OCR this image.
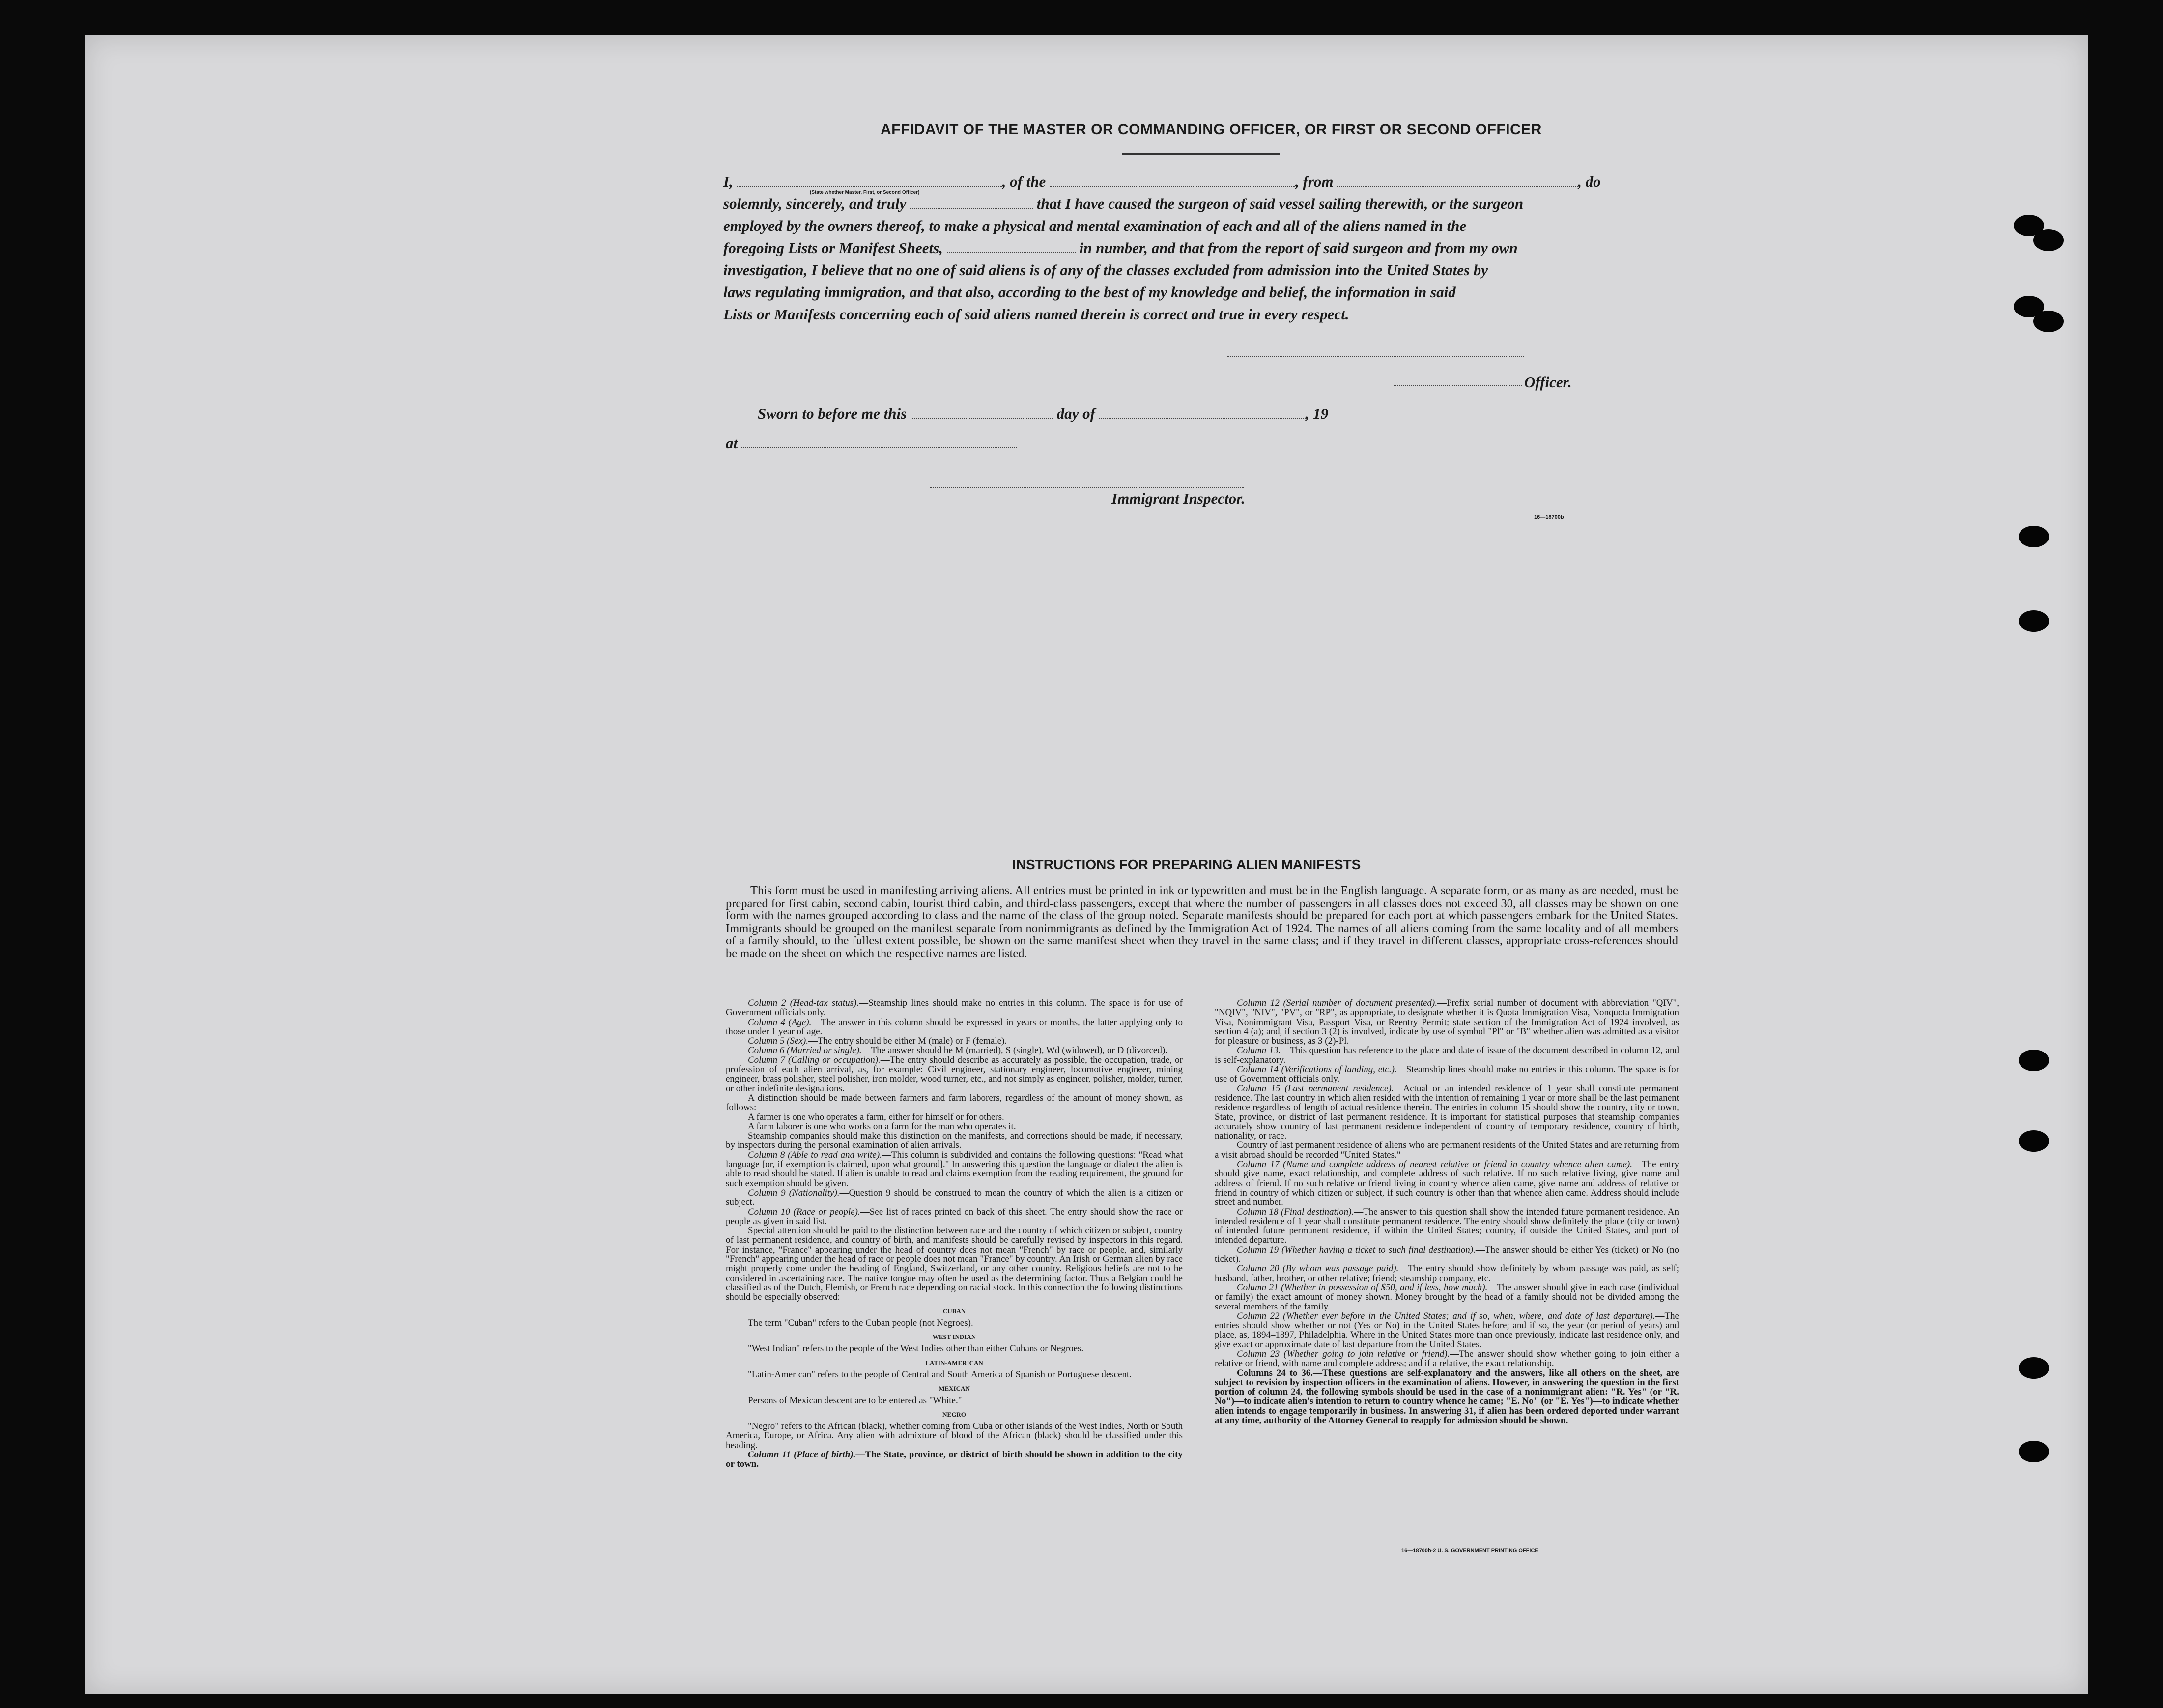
AFFIDAVIT OF THE MASTER OR COMMANDING OFFICER, OR FIRST OR SECOND OFFICER
I,	, of the	, from	, do
(State whether Master, First, or Second Officer)
solemnly, sincerely, and truly	that I have caused the surgeon of said vessel sailing therewith, or the surgeon
employed by the owners thereof, to make a physical and mental examination of each and all of the aliens named in the
foregoing Lists or Manifest Sheets,	in number, and that from the report of said surgeon and from my own
investigation, I believe that no one of said aliens is of any of the classes excluded from admission into the United States by
laws regulating immigration, and that also, according to the best of my knowledge and belief, the information in said
Lists or Manifests concerning each of said aliens named therein is correct and true in every respect.
Officer.
Sworn to before me this	day of	, 19
at
Immigrant Inspector.
16—18700b
INSTRUCTIONS FOR PREPARING ALIEN MANIFESTS
This form must be used in manifesting arriving aliens. All entries must be printed in ink or typewritten and must be in the English language. A separate form, or as many as are needed, must be prepared for first cabin, second cabin, tourist third cabin, and third-class passengers, except that where the number of passengers in all classes does not exceed 30, all classes may be shown on one form with the names grouped according to class and the name of the class of the group noted. Separate manifests should be prepared for each port at which passengers embark for the United States. Immigrants should be grouped on the manifest separate from nonimmigrants as defined by the Immigration Act of 1924. The names of all aliens coming from the same locality and of all members of a family should, to the fullest extent possible, be shown on the same manifest sheet when they travel in the same class; and if they travel in different classes, appropriate cross-references should be made on the sheet on which the respective names are listed.

Column 2 (Head-tax status).—Steamship lines should make no entries in this column. The space is for use of Government officials only.

Column 4 (Age).—The answer in this column should be expressed in years or months, the latter applying only to those under 1 year of age.

Column 5 (Sex).—The entry should be either M (male) or F (female).

Column 6 (Married or single).—The answer should be M (married), S (single), Wd (widowed), or D (divorced).

Column 7 (Calling or occupation).—The entry should describe as accurately as possible, the occupation, trade, or profession of each alien arrival, as, for example: Civil engineer, stationary engineer, locomotive engineer, mining engineer, brass polisher, steel polisher, iron molder, wood turner, etc., and not simply as engineer, polisher, molder, turner, or other indefinite designations.

A distinction should be made between farmers and farm laborers, regardless of the amount of money shown, as follows:

A farmer is one who operates a farm, either for himself or for others.

A farm laborer is one who works on a farm for the man who operates it.

Steamship companies should make this distinction on the manifests, and corrections should be made, if necessary, by inspectors during the personal examination of alien arrivals.

Column 8 (Able to read and write).—This column is subdivided and contains the following questions: "Read what language [or, if exemption is claimed, upon what ground]." In answering this question the language or dialect the alien is able to read should be stated. If alien is unable to read and claims exemption from the reading requirement, the ground for such exemption should be given.

Column 9 (Nationality).—Question 9 should be construed to mean the country of which the alien is a citizen or subject.

Column 10 (Race or people).—See list of races printed on back of this sheet. The entry should show the race or people as given in said list.

Special attention should be paid to the distinction between race and the country of which citizen or subject, country of last permanent residence, and country of birth, and manifests should be carefully revised by inspectors in this regard. For instance, "France" appearing under the head of country does not mean "French" by race or people, and, similarly "French" appearing under the head of race or people does not mean "France" by country. An Irish or German alien by race might properly come under the heading of England, Switzerland, or any other country. Religious beliefs are not to be considered in ascertaining race. The native tongue may often be used as the determining factor. Thus a Belgian could be classified as of the Dutch, Flemish, or French race depending on racial stock. In this connection the following distinctions should be especially observed:

CUBAN

The term "Cuban" refers to the Cuban people (not Negroes).

WEST INDIAN

"West Indian" refers to the people of the West Indies other than either Cubans or Negroes.

LATIN-AMERICAN

"Latin-American" refers to the people of Central and South America of Spanish or Portuguese descent.

MEXICAN

Persons of Mexican descent are to be entered as "White."

NEGRO

"Negro" refers to the African (black), whether coming from Cuba or other islands of the West Indies, North or South America, Europe, or Africa. Any alien with admixture of blood of the African (black) should be classified under this heading.

Column 11 (Place of birth).—The State, province, or district of birth should be shown in addition to the city or town.

Column 12 (Serial number of document presented).—Prefix serial number of document with abbreviation "QIV", "NQIV", "NIV", "PV", or "RP", as appropriate, to designate whether it is Quota Immigration Visa, Nonquota Immigration Visa, Nonimmigrant Visa, Passport Visa, or Reentry Permit; state section of the Immigration Act of 1924 involved, as section 4 (a); and, if section 3 (2) is involved, indicate by use of symbol "Pl" or "B" whether alien was admitted as a visitor for pleasure or business, as 3 (2)-Pl.

Column 13.—This question has reference to the place and date of issue of the document described in column 12, and is self-explanatory.

Column 14 (Verifications of landing, etc.).—Steamship lines should make no entries in this column. The space is for use of Government officials only.

Column 15 (Last permanent residence).—Actual or an intended residence of 1 year shall constitute permanent residence. The last country in which alien resided with the intention of remaining 1 year or more shall be the last permanent residence regardless of length of actual residence therein. The entries in column 15 should show the country, city or town, State, province, or district of last permanent residence. It is important for statistical purposes that steamship companies accurately show country of last permanent residence independent of country of temporary residence, country of birth, nationality, or race.

Country of last permanent residence of aliens who are permanent residents of the United States and are returning from a visit abroad should be recorded "United States."

Column 17 (Name and complete address of nearest relative or friend in country whence alien came).—The entry should give name, exact relationship, and complete address of such relative. If no such relative living, give name and address of friend. If no such relative or friend living in country whence alien came, give name and address of relative or friend in country of which citizen or subject, if such country is other than that whence alien came. Address should include street and number.

Column 18 (Final destination).—The answer to this question shall show the intended future permanent residence. An intended residence of 1 year shall constitute permanent residence. The entry should show definitely the place (city or town) of intended future permanent residence, if within the United States; country, if outside the United States, and port of intended departure.

Column 19 (Whether having a ticket to such final destination).—The answer should be either Yes (ticket) or No (no ticket).

Column 20 (By whom was passage paid).—The entry should show definitely by whom passage was paid, as self; husband, father, brother, or other relative; friend; steamship company, etc.

Column 21 (Whether in possession of $50, and if less, how much).—The answer should give in each case (individual or family) the exact amount of money shown. Money brought by the head of a family should not be divided among the several members of the family.

Column 22 (Whether ever before in the United States; and if so, when, where, and date of last departure).—The entries should show whether or not (Yes or No) in the United States before; and if so, the year (or period of years) and place, as, 1894–1897, Philadelphia. Where in the United States more than once previously, indicate last residence only, and give exact or approximate date of last departure from the United States.

Column 23 (Whether going to join relative or friend).—The answer should show whether going to join either a relative or friend, with name and complete address; and if a relative, the exact relationship.

Columns 24 to 36.—These questions are self-explanatory and the answers, like all others on the sheet, are subject to revision by inspection officers in the examination of aliens. However, in answering the question in the first portion of column 24, the following symbols should be used in the case of a nonimmigrant alien: "R. Yes" (or "R. No")—to indicate alien's intention to return to country whence he came; "E. No" (or "E. Yes")—to indicate whether alien intends to engage temporarily in business. In answering 31, if alien has been ordered deported under warrant at any time, authority of the Attorney General to reapply for admission should be shown.

16—18700b-2 U. S. GOVERNMENT PRINTING OFFICE
